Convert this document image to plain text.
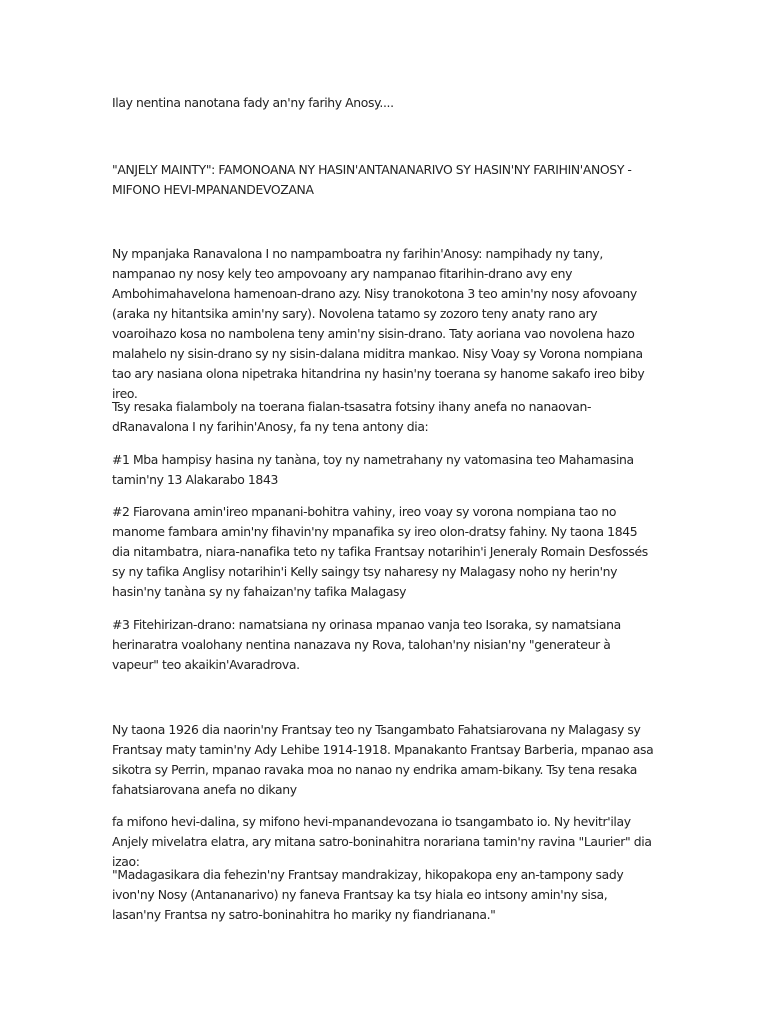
Ilay nentina nanotana fady an'ny farihy Anosy....

"ANJELY MAINTY": FAMONOANA NY HASIN'ANTANANARIVO SY HASIN'NY FARIHIN'ANOSY - MIFONO HEVI-MPANANDEVOZANA

Ny mpanjaka Ranavalona I no nampamboatra ny farihin'Anosy: nampihady ny tany, nampanao ny nosy kely teo ampovoany ary nampanao fitarihin-drano avy eny Ambohimahavelona hamenoan-drano azy. Nisy tranokotona 3 teo amin'ny nosy afovoany (araka ny hitantsika amin'ny sary). Novolena tatamo sy zozoro teny anaty rano ary voaroihazo kosa no nambolena teny amin'ny sisin-drano. Taty aoriana vao novolena hazo malahelo ny sisin-drano sy ny sisin-dalana miditra mankao. Nisy Voay sy Vorona nompiana tao ary nasiana olona nipetraka hitandrina ny hasin'ny toerana sy hanome sakafo ireo biby ireo.

Tsy resaka fialamboly na toerana fialan-tsasatra fotsiny ihany anefa no nanaovan-dRanavalona I ny farihin'Anosy, fa ny tena antony dia:

#1 Mba hampisy hasina ny tanàna, toy ny nametrahany ny vatomasina teo Mahamasina tamin'ny 13 Alakarabo 1843

#2 Fiarovana amin'ireo mpanani-bohitra vahiny, ireo voay sy vorona nompiana tao no manome fambara amin'ny fihavin'ny mpanafika sy ireo olon-dratsy fahiny. Ny taona 1845 dia nitambatra, niara-nanafika teto ny tafika Frantsay notarihin'i Jeneraly Romain Desfossés sy ny tafika Anglisy notarihin'i Kelly saingy tsy naharesy ny Malagasy noho ny herin'ny hasin'ny tanàna sy ny fahaizan'ny tafika Malagasy

#3 Fitehirizan-drano: namatsiana ny orinasa mpanao vanja teo Isoraka, sy namatsiana herinaratra voalohany nentina nanazava ny Rova, talohan'ny nisian'ny "generateur à vapeur" teo akaikin'Avaradrova.

Ny taona 1926 dia naorin'ny Frantsay teo ny Tsangambato Fahatsiarovana ny Malagasy sy Frantsay maty tamin'ny Ady Lehibe 1914-1918. Mpanakanto Frantsay Barberia, mpanao asa sikotra sy Perrin, mpanao ravaka moa no nanao ny endrika amam-bikany. Tsy tena resaka fahatsiarovana anefa no dikany

fa mifono hevi-dalina, sy mifono hevi-mpanandevozana io tsangambato io. Ny hevitr'ilay Anjely mivelatra elatra, ary mitana satro-boninahitra norariana tamin'ny ravina "Laurier" dia izao:

"Madagasikara dia fehezin'ny Frantsay mandrakizay, hikopakopa eny an-tampony sady ivon'ny Nosy (Antananarivo) ny faneva Frantsay ka tsy hiala eo intsony amin'ny sisa, lasan'ny Frantsa ny satro-boninahitra ho mariky ny fiandrianana."
